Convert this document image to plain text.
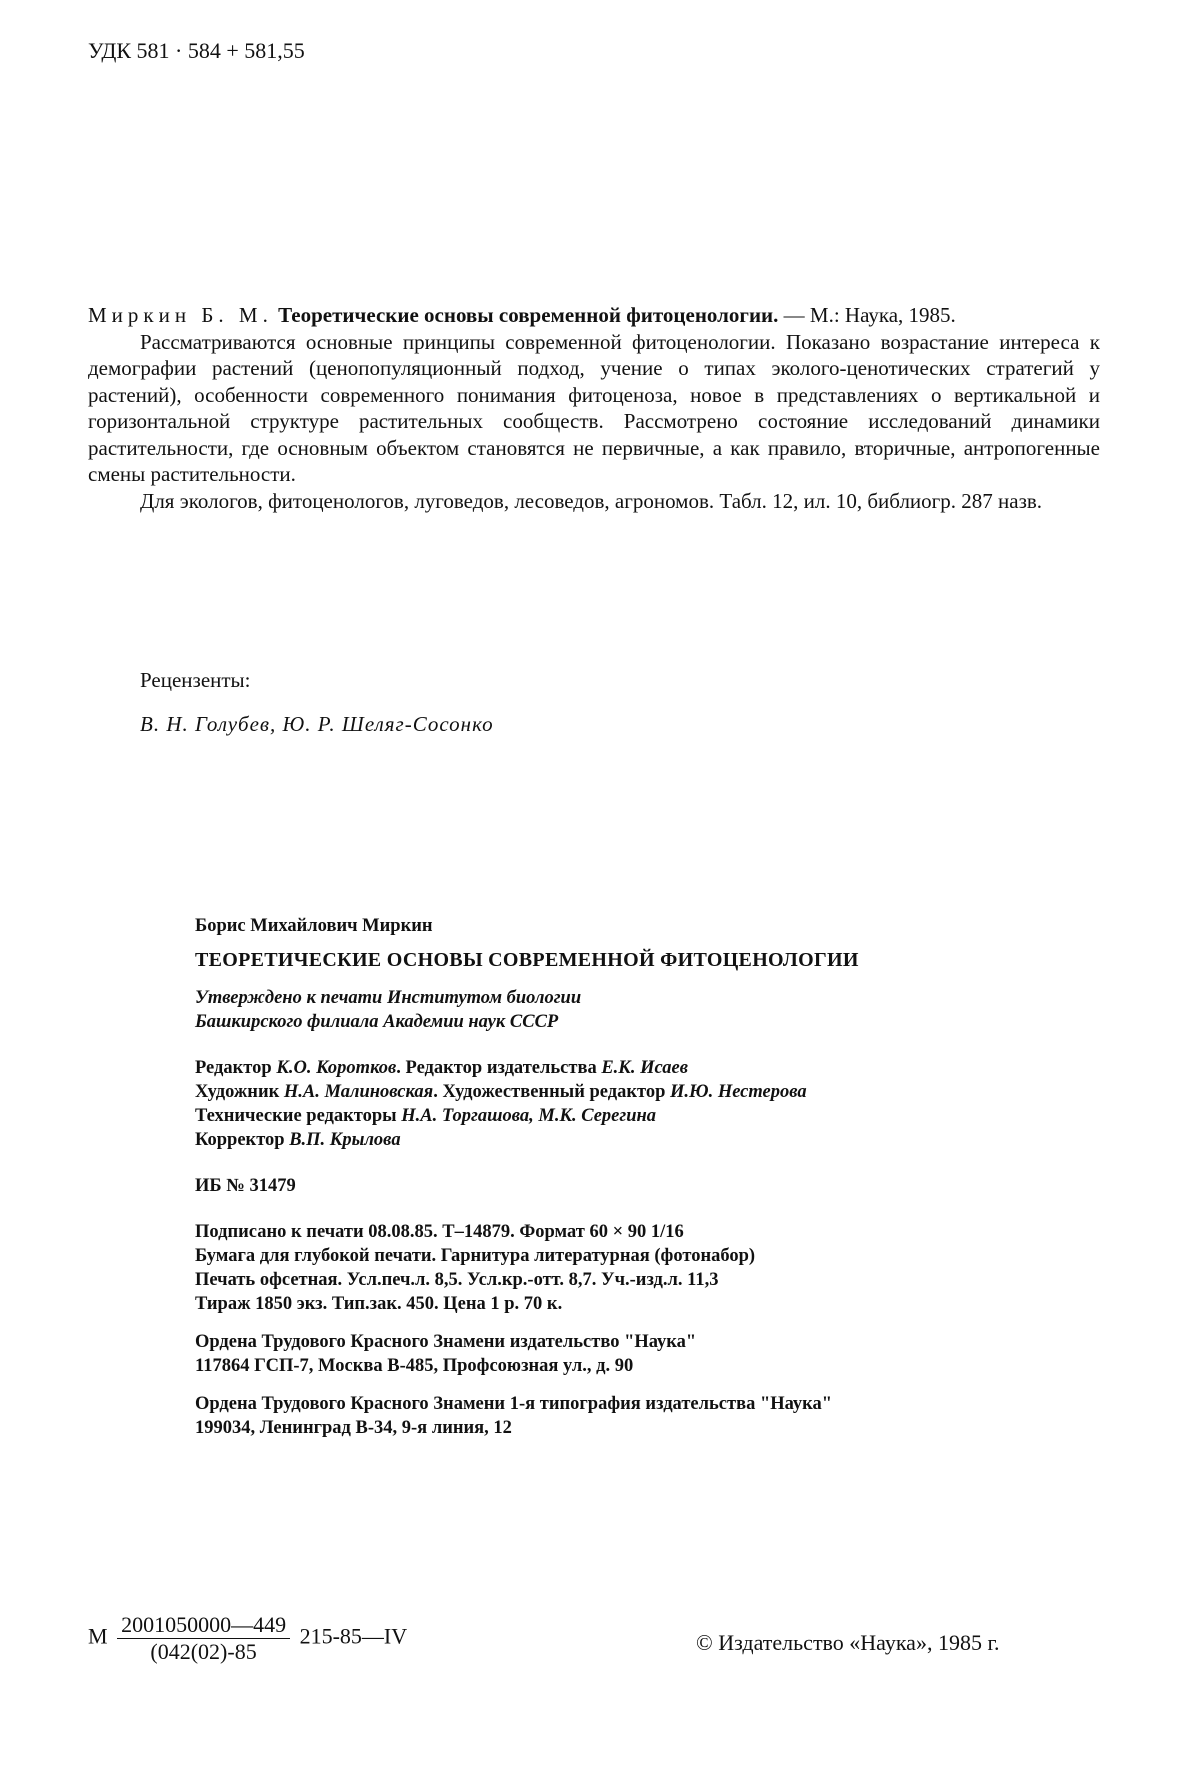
УДК 581 · 584 + 581,55

Миркин Б. М. Теоретические основы современной фитоценологии. — М.: Наука, 1985.

Рассматриваются основные принципы современной фитоценологии. Показано возрастание интереса к демографии растений (ценопопуляционный подход, учение о типах эколого-ценотических стратегий у растений), особенности современного понимания фитоценоза, новое в представлениях о вертикальной и горизонтальной структуре растительных сообществ. Рассмотрено состояние исследований динамики растительности, где основным объектом становятся не первичные, а как правило, вторичные, антропогенные смены растительности.

Для экологов, фитоценологов, луговедов, лесоведов, агрономов. Табл. 12, ил. 10, библиогр. 287 назв.

Рецензенты:
В. Н. Голубев, Ю. Р. Шеляг-Сосонко

Борис Михайлович Миркин

ТЕОРЕТИЧЕСКИЕ ОСНОВЫ СОВРЕМЕННОЙ ФИТОЦЕНОЛОГИИ

Утверждено к печати Институтом биологии

Башкирского филиала Академии наук СССР

Редактор К.О. Коротков. Редактор издательства Е.К. Исаев

Художник Н.А. Малиновская. Художественный редактор И.Ю. Нестерова

Технические редакторы Н.А. Торгашова, М.К. Серегина

Корректор В.П. Крылова

ИБ № 31479

Подписано к печати 08.08.85. Т–14879. Формат 60 × 90 1/16

Бумага для глубокой печати. Гарнитура литературная (фотонабор)

Печать офсетная. Усл.печ.л. 8,5. Усл.кр.-отт. 8,7. Уч.-изд.л. 11,3

Тираж 1850 экз. Тип.зак. 450. Цена 1 р. 70 к.

Ордена Трудового Красного Знамени издательство "Наука"

117864 ГСП-7, Москва В-485, Профсоюзная ул., д. 90

Ордена Трудового Красного Знамени 1-я типография издательства "Наука"

199034, Ленинград В-34, 9-я линия, 12

М $\frac{2001050000—449}{(042(02)-85}$ 215-85—IV	© Издательство «Наука», 1985 г.
